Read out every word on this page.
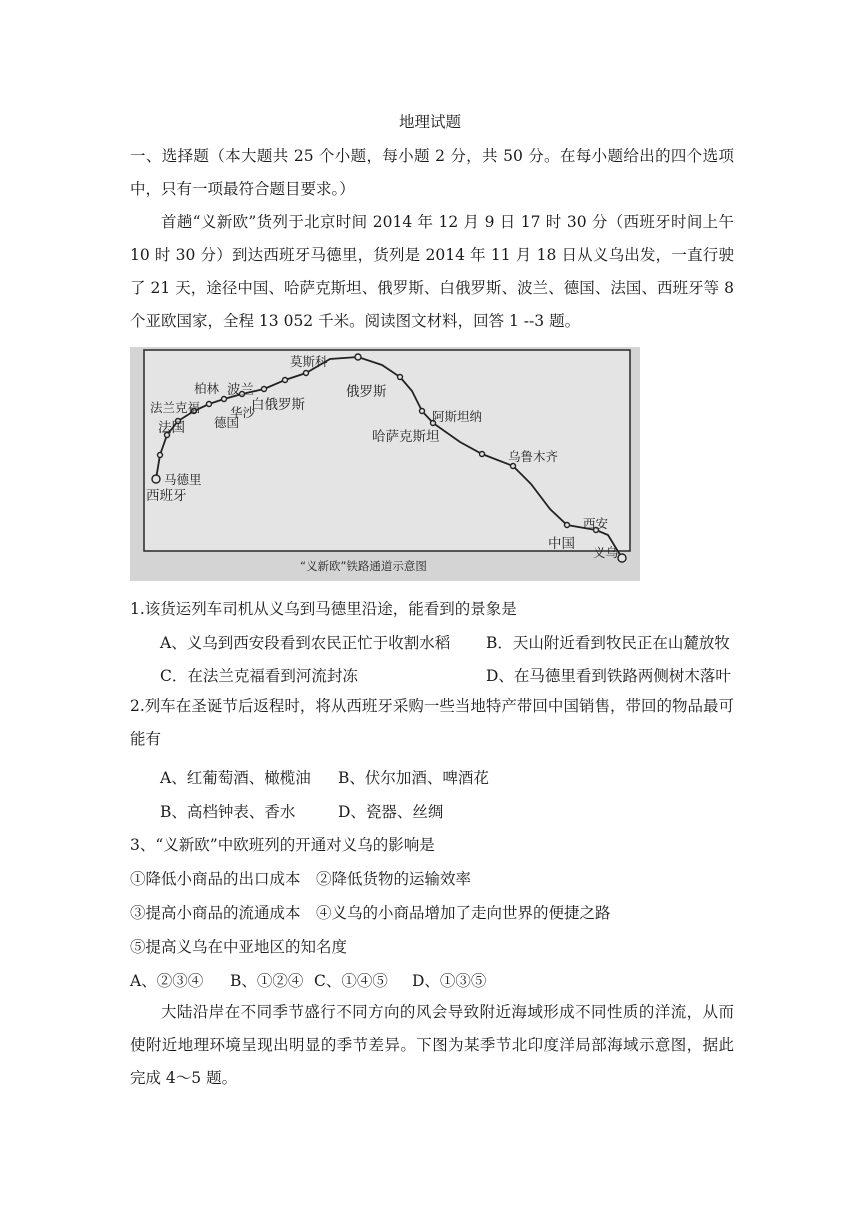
地理试题
一、选择题（本大题共 25 个小题，每小题 2 分，共 50 分。在每小题给出的四个选项中，只有一项最符合题目要求。）
首趟“义新欧”货列于北京时间 2014 年 12 月 9 日 17 时 30 分（西班牙时间上午 10 时 30 分）到达西班牙马德里，货列是 2014 年 11 月 18 日从义乌出发，一直行驶了 21 天，途径中国、哈萨克斯坦、俄罗斯、白俄罗斯、波兰、德国、法国、西班牙等 8 个亚欧国家，全程 13 052 千米。阅读图文材料，回答 1 --3 题。
莫斯科
柏林 波兰
法兰克福 华沙
白俄罗斯
俄罗斯
法国 德国	阿斯坦纳
哈萨克斯坦
乌鲁木齐
马德里
西班牙
西安
中国
义乌
“义新欧”铁路通道示意图
1.该货运列车司机从义乌到马德里沿途，能看到的景象是
A、义乌到西安段看到农民正忙于收割水稻 B．天山附近看到牧民正在山麓放牧
C．在法兰克福看到河流封冻	D、在马德里看到铁路两侧树木落叶
2.列车在圣诞节后返程时，将从西班牙采购一些当地特产带回中国销售，带回的物品最可能有
A、红葡萄酒、橄榄油 B、伏尔加酒、啤酒花
B、高档钟表、香水	D、瓷器、丝绸
3、“义新欧”中欧班列的开通对义乌的影响是
①降低小商品的出口成本　②降低货物的运输效率
③提高小商品的流通成本　④义乌的小商品增加了走向世界的便捷之路
⑤提高义乌在中亚地区的知名度
A、②③④ B、①②④ C、①④⑤ D、①③⑤
大陆沿岸在不同季节盛行不同方向的风会导致附近海域形成不同性质的洋流，从而使附近地理环境呈现出明显的季节差异。下图为某季节北印度洋局部海域示意图，据此完成 4～5 题。
